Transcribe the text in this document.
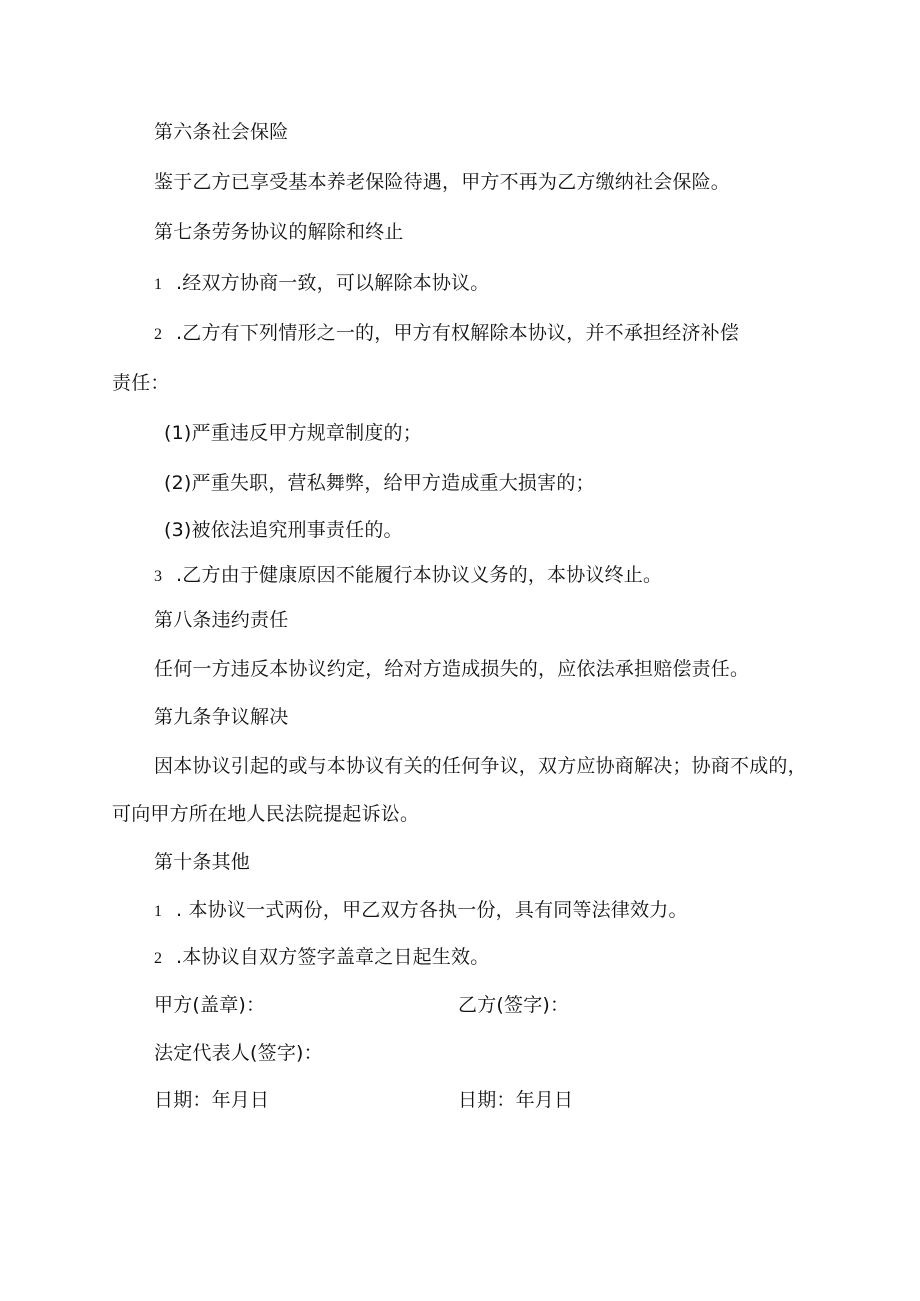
第六条社会保险
鉴于乙方已享受基本养老保险待遇，甲方不再为乙方缴纳社会保险。
第七条劳务协议的解除和终止
1 .经双方协商一致，可以解除本协议。
2 .乙方有下列情形之一的，甲方有权解除本协议，并不承担经济补偿
责任：
(1)严重违反甲方规章制度的；
(2)严重失职，营私舞弊，给甲方造成重大损害的；
(3)被依法追究刑事责任的。
3 .乙方由于健康原因不能履行本协议义务的，本协议终止。
第八条违约责任
任何一方违反本协议约定，给对方造成损失的，应依法承担赔偿责任。
第九条争议解决
因本协议引起的或与本协议有关的任何争议，双方应协商解决；协商不成的，
可向甲方所在地人民法院提起诉讼。
第十条其他
1 . 本协议一式两份，甲乙双方各执一份，具有同等法律效力。
2 .本协议自双方签字盖章之日起生效。
甲方(盖章)：	乙方(签字)：
法定代表人(签字)：
日期：年月日	日期：年月日
